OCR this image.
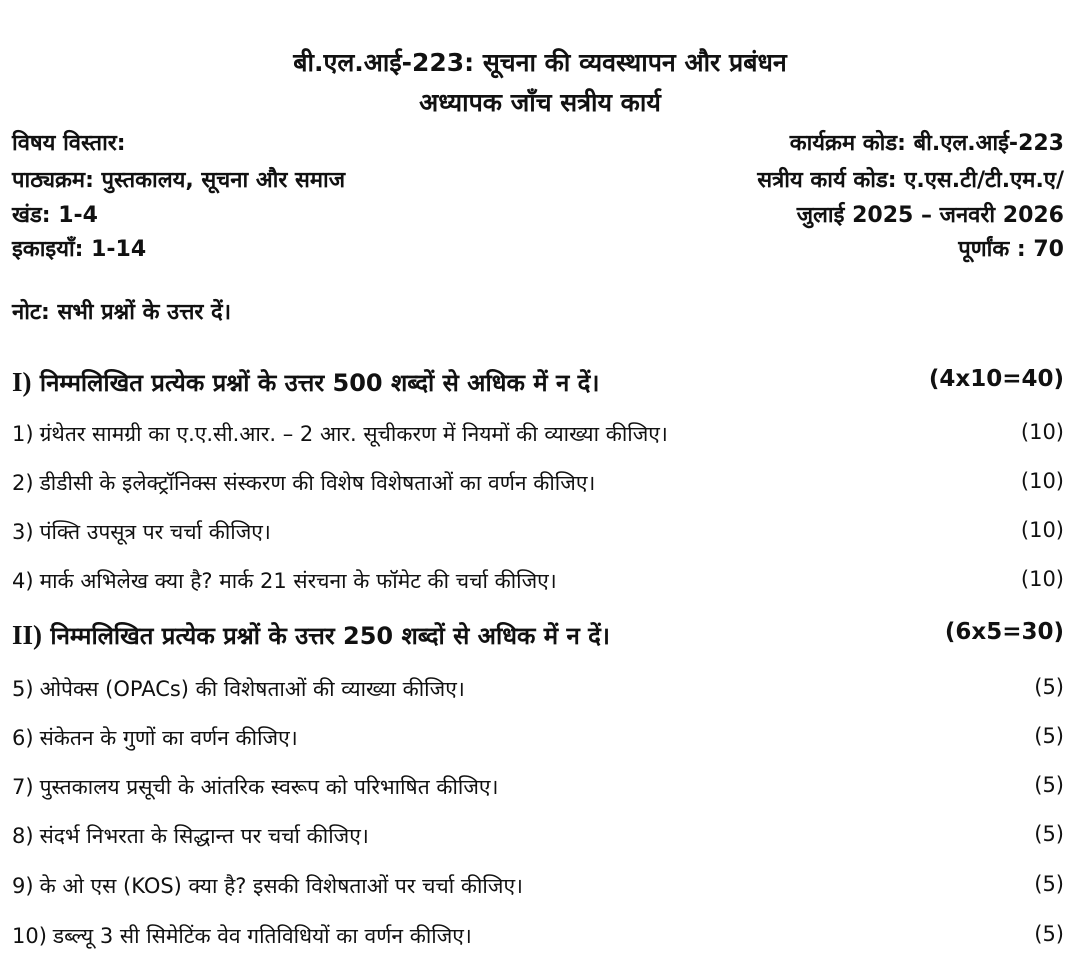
बी.एल.आई-223: सूचना की व्यवस्थापन और प्रबंधन
अध्यापक जाँच सत्रीय कार्य
विषय विस्तार:
पाठ्यक्रम: पुस्तकालय, सूचना और समाज
खंड: 1-4
इकाइयाँ: 1-14
कार्यक्रम कोड: बी.एल.आई-223
सत्रीय कार्य कोड: ए.एस.टी/टी.एम.ए/
जुलाई 2025 – जनवरी 2026
पूर्णांक : 70
नोट: सभी प्रश्नों के उत्तर दें।
I) निम्मलिखित प्रत्येक प्रश्नों के उत्तर 500 शब्दों से अधिक में न दें।	(4x10=40)
1) ग्रंथेतर सामग्री का ए.ए.सी.आर. – 2 आर. सूचीकरण में नियमों की व्याख्या कीजिए।	(10)
2) डीडीसी के इलेक्ट्रॉनिक्स संस्करण की विशेष विशेषताओं का वर्णन कीजिए।	(10)
3) पंक्ति उपसूत्र पर चर्चा कीजिए।	(10)
4) मार्क अभिलेख क्या है? मार्क 21 संरचना के फॉमेट की चर्चा कीजिए।	(10)
II) निम्मलिखित प्रत्येक प्रश्नों के उत्तर 250 शब्दों से अधिक में न दें।	(6x5=30)
5) ओपेक्स (OPACs) की विशेषताओं की व्याख्या कीजिए।	(5)
6) संकेतन के गुणों का वर्णन कीजिए।	(5)
7) पुस्तकालय प्रसूची के आंतरिक स्वरूप को परिभाषित कीजिए।	(5)
8) संदर्भ निभरता के सिद्धान्त पर चर्चा कीजिए।	(5)
9) के ओ एस (KOS) क्या है? इसकी विशेषताओं पर चर्चा कीजिए।	(5)
10) डब्ल्यू 3 सी सिमेटिंक वेव गतिविधियों का वर्णन कीजिए।	(5)
